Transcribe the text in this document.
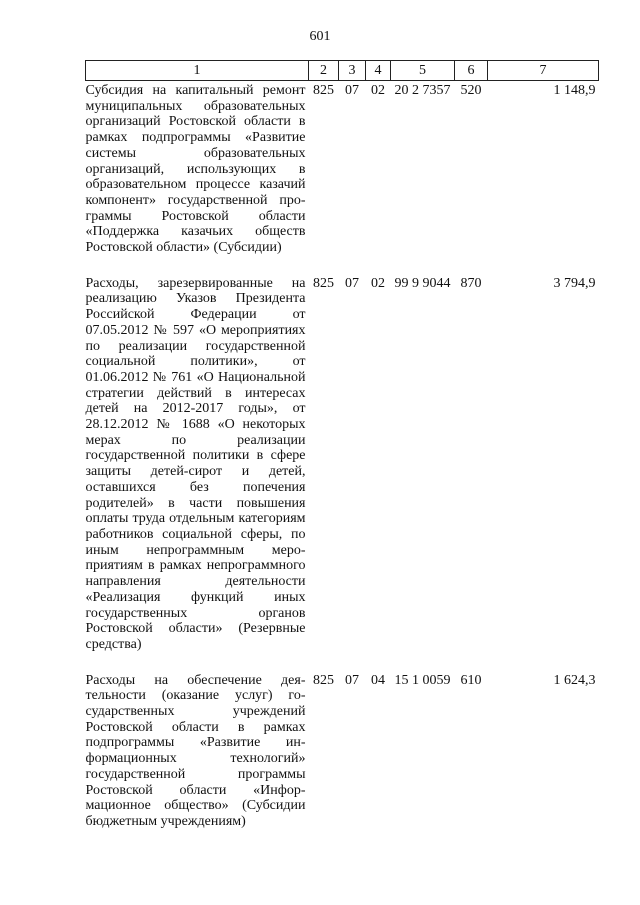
601
1	2	3	4	5	6	7
Субсидия на капитальный ремонт муниципальных образовательных организаций Ростовской области в рамках подпрограммы «Развитие системы образовательных организаций, использующих в образовательном процессе казачий компонент» государственной программы Ростовской области «Поддержка казачьих обществ Ростовской области» (Субсидии)	825	07	02	20 2 7357	520	1 148,9
Расходы, зарезервированные на реализацию Указов Президента Российской Федерации от 07.05.2012 № 597 «О мероприятиях по реализации государственной социальной политики», от 01.06.2012 № 761 «О Национальной стратегии действий в интересах детей на 2012-2017 годы», от 28.12.2012 № 1688 «О некоторых мерах по реализации государственной политики в сфере защиты детей-сирот и детей, оставшихся без попечения родителей» в части повышения оплаты труда отдельным категориям работников социальной сферы, по иным непрограммным мероприятиям в рамках непрограммного направления деятельности «Реализация функций иных государственных органов Ростовской области» (Резервные средства)	825	07	02	99 9 9044	870	3 794,9
Расходы на обеспечение деятельности (оказание услуг) государственных учреждений Ростовской области в рамках подпрограммы «Развитие информационных технологий» государственной программы Ростовской области «Информационное общество» (Субсидии бюджетным учреждениям)	825	07	04	15 1 0059	610	1 624,3
